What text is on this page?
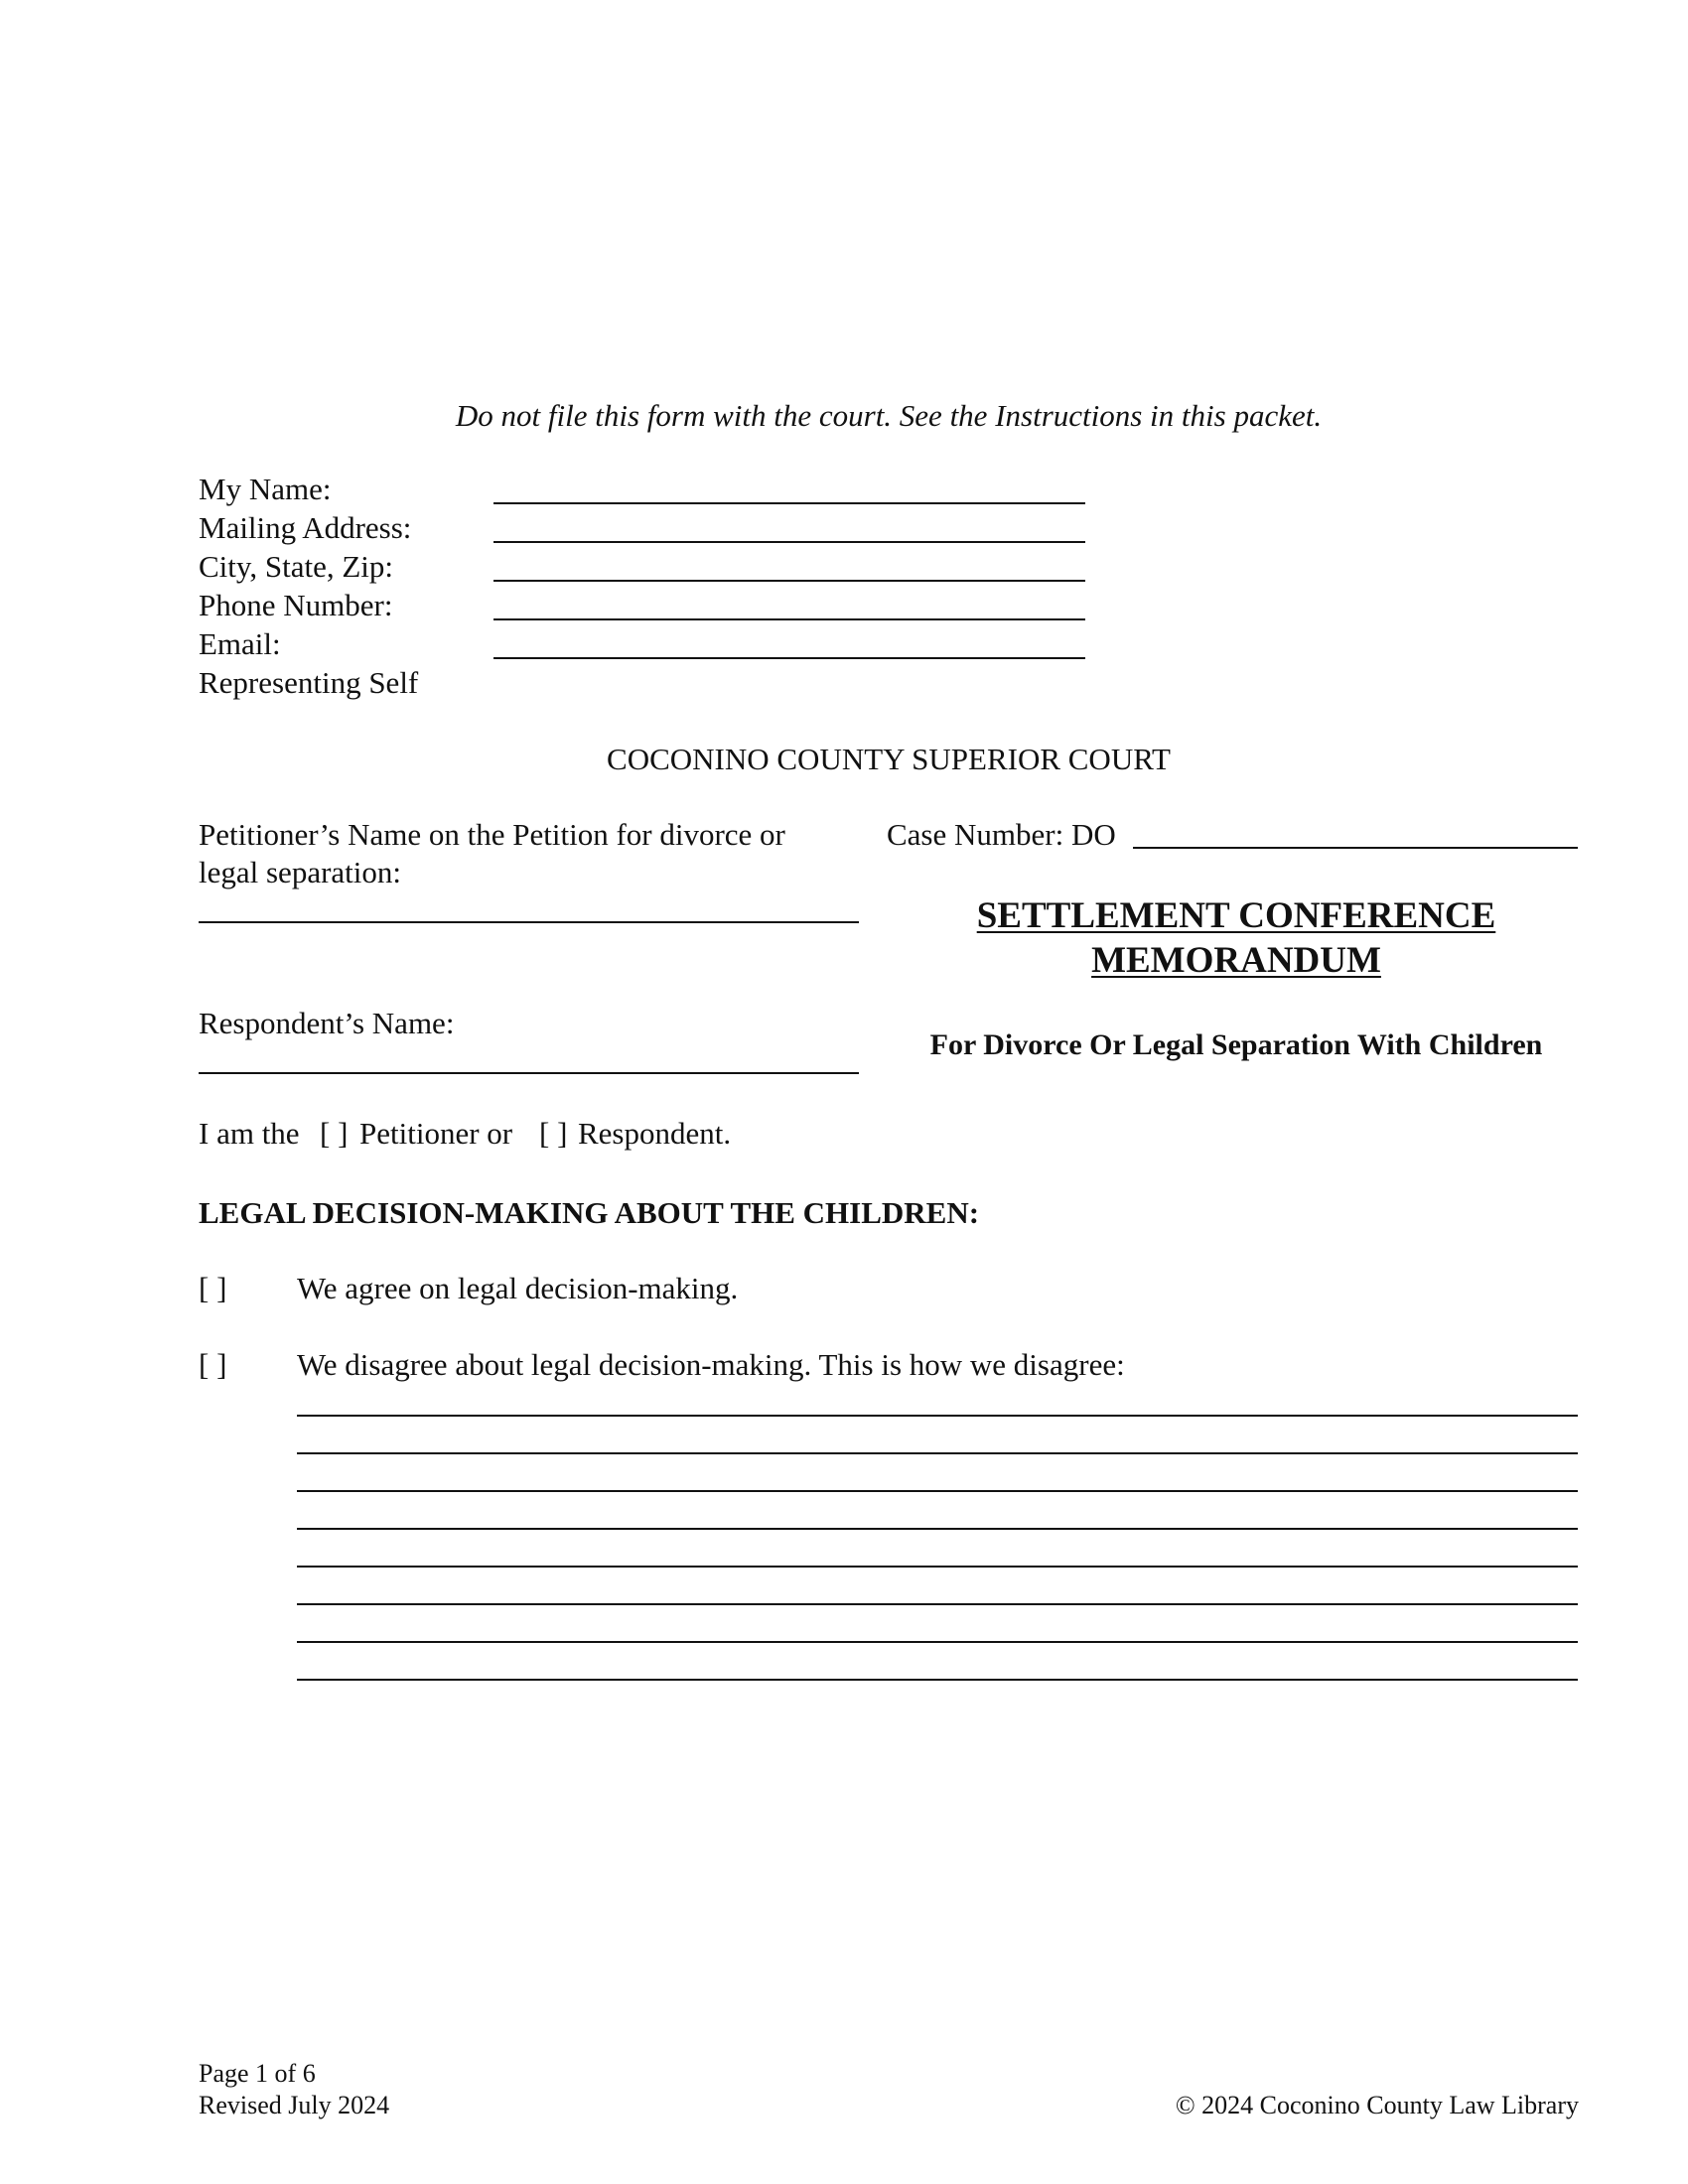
Do not file this form with the court. See the Instructions in this packet.
My Name:
Mailing Address:
City, State, Zip:
Phone Number:
Email:
Representing Self
COCONINO COUNTY SUPERIOR COURT
Petitioner’s Name on the Petition for divorce or
legal separation:
Case Number: DO
SETTLEMENT CONFERENCE
MEMORANDUM
For Divorce Or Legal Separation With Children
Respondent’s Name:
I am the [ ] Petitioner or [ ] Respondent.
LEGAL DECISION-MAKING ABOUT THE CHILDREN:
[ ] We agree on legal decision-making.
[ ] We disagree about legal decision-making. This is how we disagree:
Page 1 of 6
Revised July 2024	© 2024 Coconino County Law Library
